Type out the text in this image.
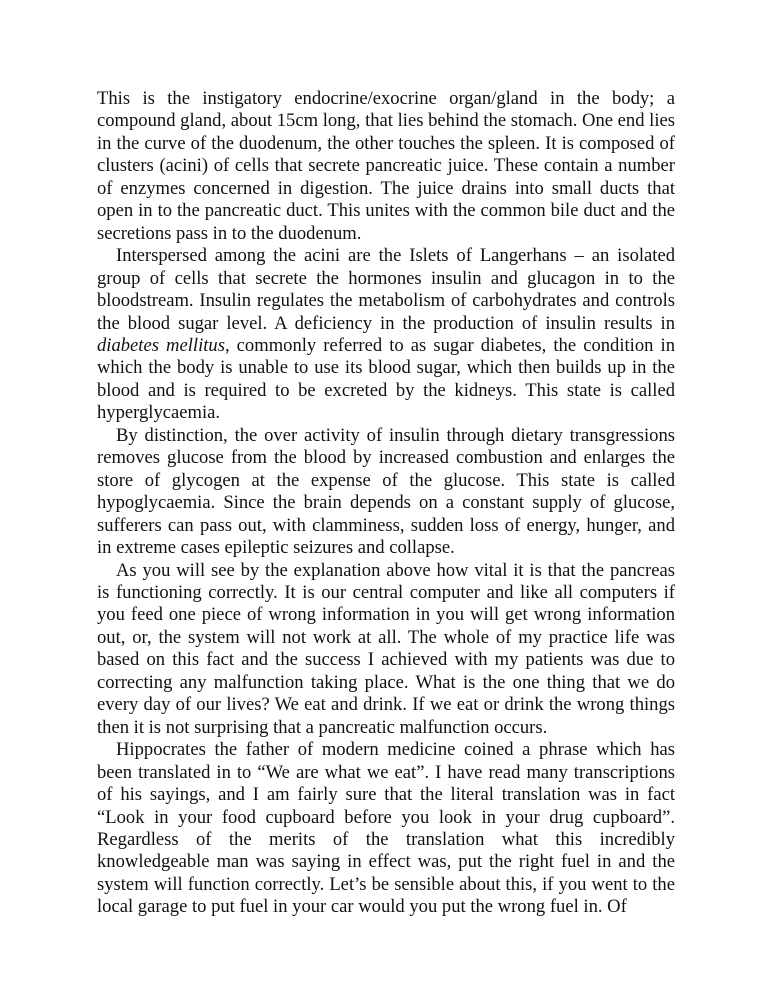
This is the instigatory endocrine/exocrine organ/gland in the body; a compound gland, about 15cm long, that lies behind the stomach. One end lies in the curve of the duodenum, the other touches the spleen. It is composed of clusters (acini) of cells that secrete pancreatic juice. These contain a number of enzymes concerned in digestion. The juice drains into small ducts that open in to the pancreatic duct. This unites with the common bile duct and the secretions pass in to the duodenum.

Interspersed among the acini are the Islets of Langerhans – an isolated group of cells that secrete the hormones insulin and glucagon in to the bloodstream. Insulin regulates the metabolism of carbohydrates and controls the blood sugar level. A deficiency in the production of insulin results in diabetes mellitus, commonly referred to as sugar diabetes, the condition in which the body is unable to use its blood sugar, which then builds up in the blood and is required to be excreted by the kidneys. This state is called hyperglycaemia.

By distinction, the over activity of insulin through dietary transgressions removes glucose from the blood by increased combustion and enlarges the store of glycogen at the expense of the glucose. This state is called hypoglycaemia. Since the brain depends on a constant supply of glucose, sufferers can pass out, with clamminess, sudden loss of energy, hunger, and in extreme cases epileptic seizures and collapse.

As you will see by the explanation above how vital it is that the pancreas is functioning correctly. It is our central computer and like all computers if you feed one piece of wrong information in you will get wrong information out, or, the system will not work at all. The whole of my practice life was based on this fact and the success I achieved with my patients was due to correcting any malfunction taking place. What is the one thing that we do every day of our lives? We eat and drink. If we eat or drink the wrong things then it is not surprising that a pancreatic malfunction occurs.

Hippocrates the father of modern medicine coined a phrase which has been translated in to “We are what we eat”. I have read many transcriptions of his sayings, and I am fairly sure that the literal translation was in fact “Look in your food cupboard before you look in your drug cupboard”. Regardless of the merits of the translation what this incredibly knowledgeable man was saying in effect was, put the right fuel in and the system will function correctly. Let’s be sensible about this, if you went to the local garage to put fuel in your car would you put the wrong fuel in. Of
